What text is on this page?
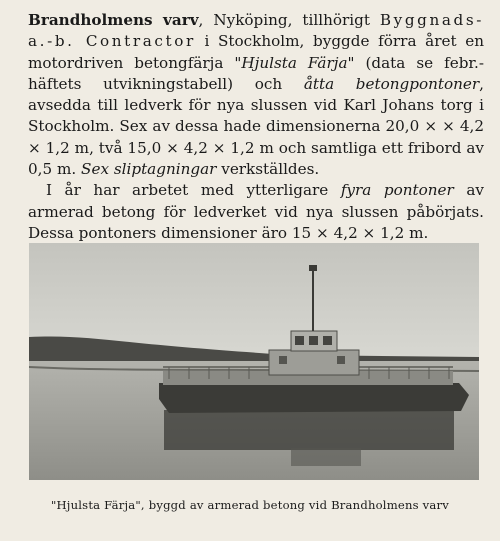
Brandholmens varv, Nyköping, tillhörigt Byggnads- a.-b. Contractor i Stockholm, byggde förra året en motordriven betongfärja "Hjulsta Färja" (data se febr.-häftets utvikningstabell) och åtta betongpontoner, avsedda till ledverk för nya slussen vid Karl Johans torg i Stockholm. Sex av dessa hade dimensionerna 20,0 × × 4,2 × 1,2 m, två 15,0 × 4,2 × 1,2 m och samtliga ett fribord av 0,5 m. Sex sliptagningar verkställdes.

I år har arbetet med ytterligare fyra pontoner av armerad betong för ledverket vid nya slussen påbörjats. Dessa pontoners dimensioner äro 15 × 4,2 × 1,2 m.

"Hjulsta Färja", byggd av armerad betong vid Brandholmens varv
